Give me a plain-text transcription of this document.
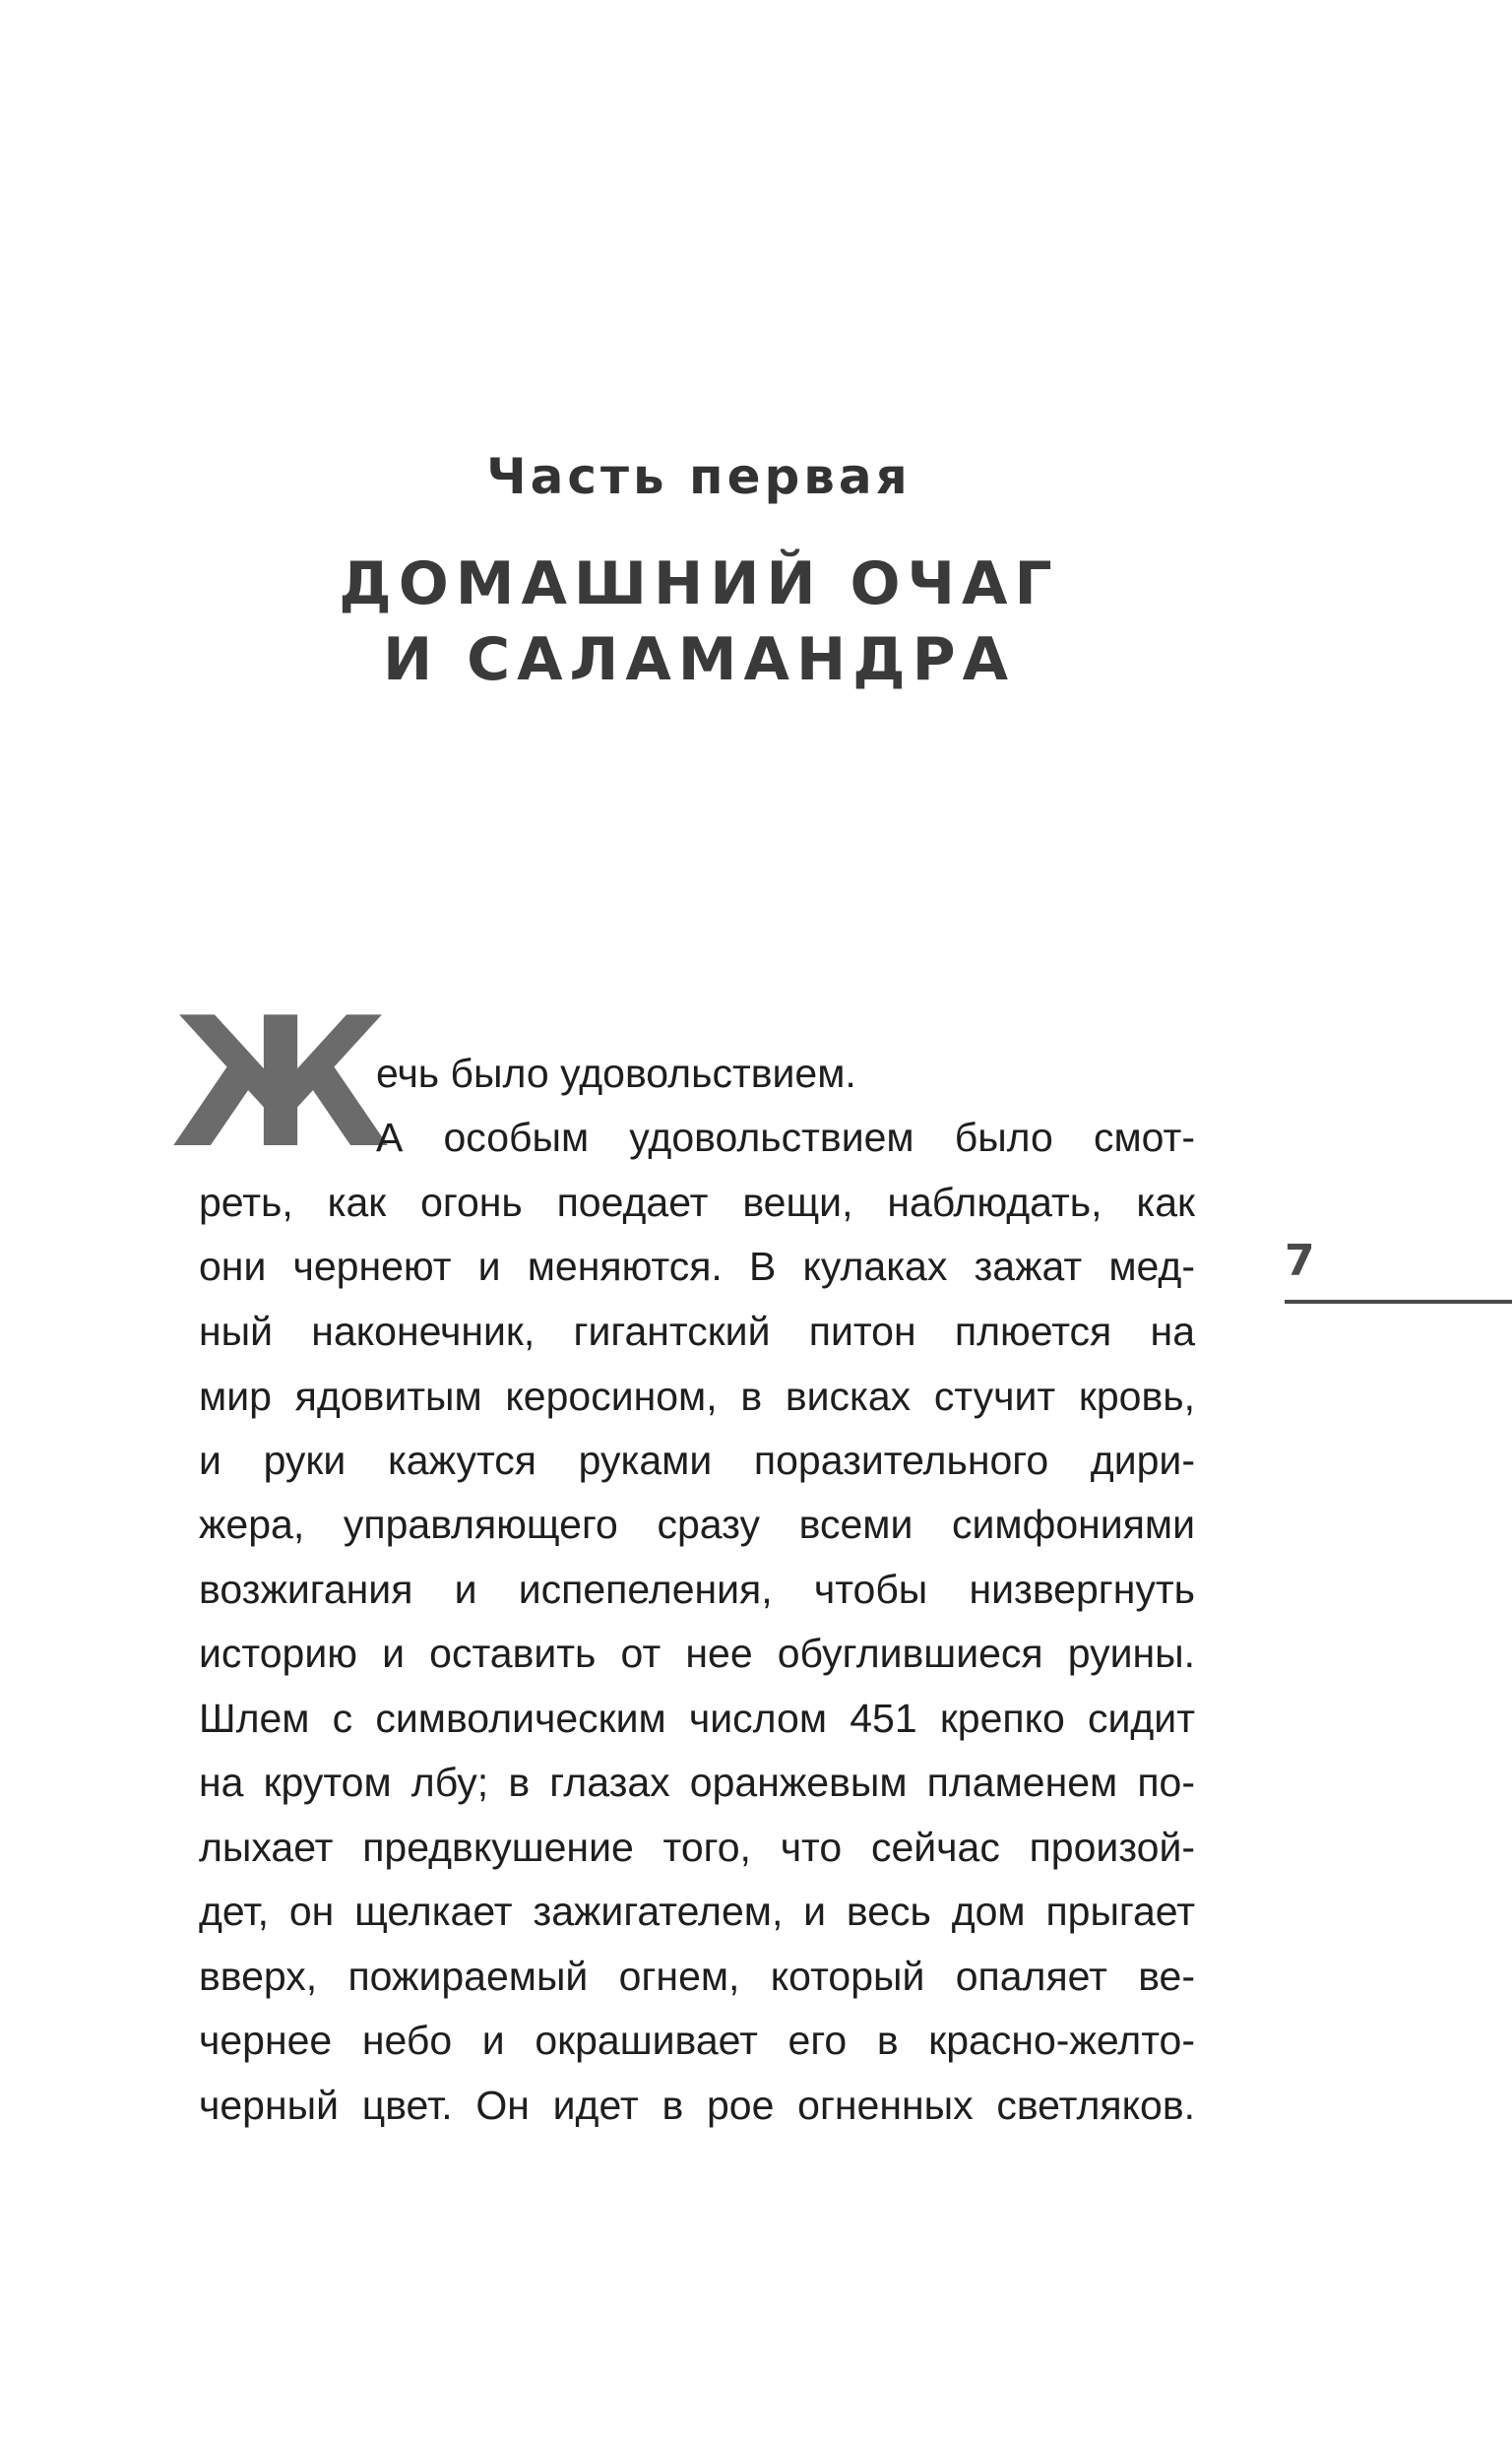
Часть первая
ДОМАШНИЙ ОЧАГ
И САЛАМАНДРА
Ж
ечь было удовольствием.
А особым удовольствием было смот-
реть, как огонь поедает вещи, наблюдать, как
они чернеют и меняются. В кулаках зажат мед-
ный наконечник, гигантский питон плюется на
мир ядовитым керосином, в висках стучит кровь,
и руки кажутся руками поразительного дири-
жера, управляющего сразу всеми симфониями
возжигания и испепеления, чтобы низвергнуть
историю и оставить от нее обуглившиеся руины.
Шлем с символическим числом 451 крепко сидит
на крутом лбу; в глазах оранжевым пламенем по-
лыхает предвкушение того, что сейчас произой-
дет, он щелкает зажигателем, и весь дом прыгает
вверх, пожираемый огнем, который опаляет ве-
чернее небо и окрашивает его в красно-желто-
черный цвет. Он идет в рое огненных светляков.
7
